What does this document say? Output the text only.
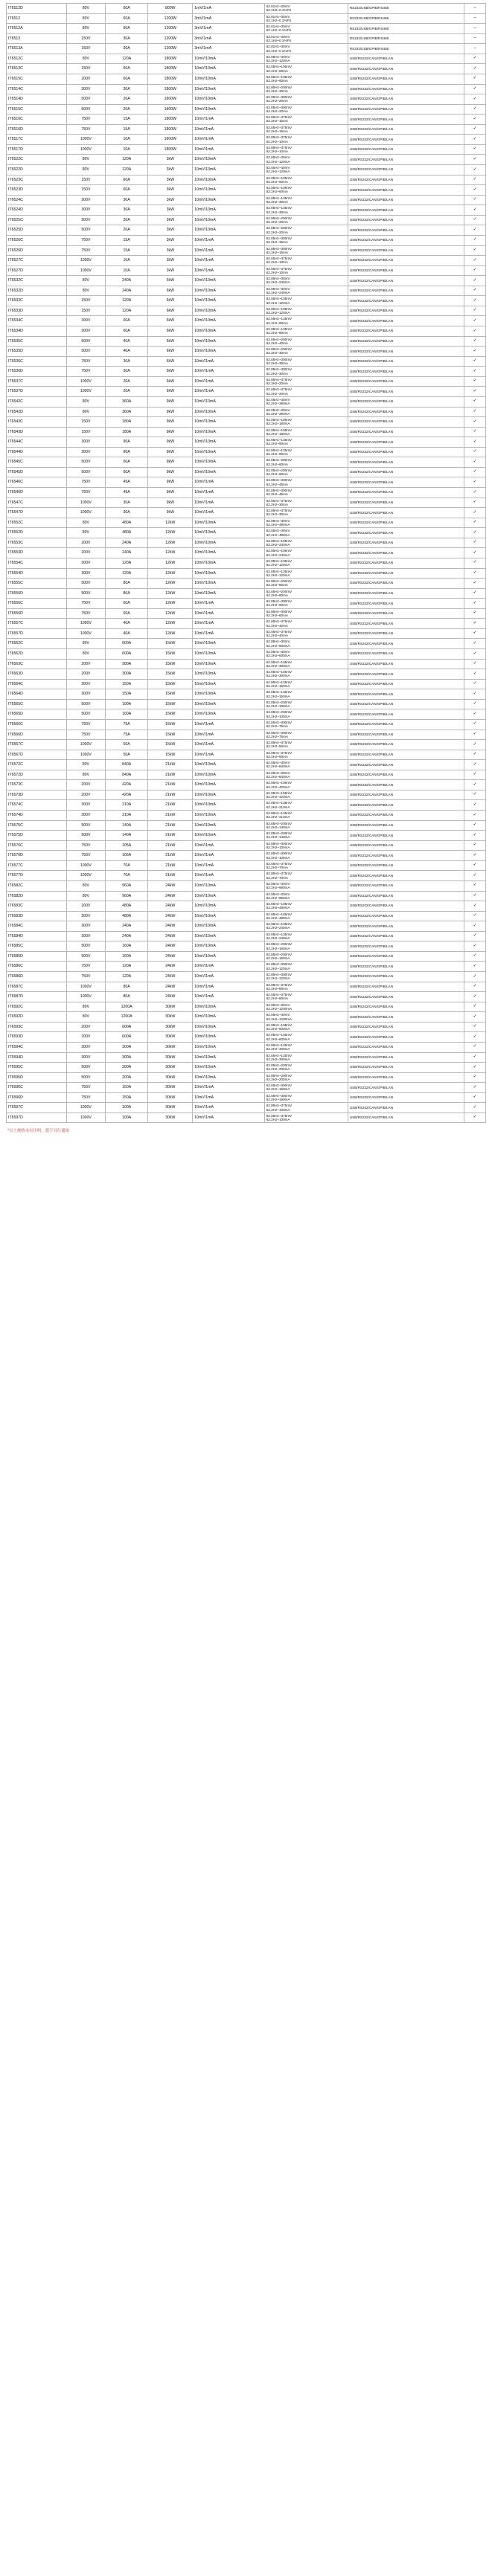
IT6512D	80V	60A	800W	1mV/1mA	62.01Hz~30mV
62.1Hz~0.1%FS	RS232/USB/GPIB/RS485	–
IT6512	80V	60A	1200W	3mV/1mA	62.01Hz~30mV
62.1Hz~0.1%FS	RS232/USB/GPIB/RS485	–
IT6512A	80V	60A	1200W	3mV/1mA	62.01Hz~30mV
62.1Hz~0.1%FS	RS232/USB/GPIB/RS485	–
IT6513	150V	30A	1200W	3mV/1mA	62.01Hz~30mV
62.1Hz~0.1%FS	RS232/USB/GPIB/RS485	–
IT6513A	150V	30A	1200W	3mV/1mA	62.01Hz~30mV
62.1Hz~0.1%FS	RS232/USB/GPIB/RS485	–
IT6512C	80V	120A	1800W	10mV/10mA	62.05Hz~30mV
62.2Hz~120mA	USB/RS232/CAN/GPIB/LAN	✓
IT6513C	150V	60A	1800W	10mV/10mA	62.05Hz~105mV
62.2Hz~60mA	USB/RS232/CAN/GPIB/LAN	✓
IT6515C	200V	60A	1800W	10mV/10mA	62.05Hz~135mV
62.2Hz~60mA	USB/RS232/CAN/GPIB/LAN	✓
IT6514C	300V	30A	1800W	10mV/10mA	62.05Hz~200mV
62.2Hz~30mA	USB/RS232/CAN/GPIB/LAN	✓
IT6514D	500V	20A	1800W	10mV/10mA	62.05Hz~300mV
62.2Hz~20mA	USB/RS232/CAN/GPIB/LAN	✓
IT6515C	500V	20A	1800W	10mV/10mA	62.05Hz~300mV
62.2Hz~20mA	USB/RS232/CAN/GPIB/LAN	✓
IT6516C	750V	15A	1800W	10mV/1mA	62.05Hz~375mV
62.2Hz~15mA	USB/RS232/CAN/GPIB/LAN	✓
IT6516D	750V	15A	1800W	10mV/1mA	62.05Hz~375mV
62.2Hz~15mA	USB/RS232/CAN/GPIB/LAN	✓
IT6517C	1000V	10A	1800W	10mV/1mA	62.05Hz~375mV
62.2Hz~10mA	USB/RS232/CAN/GPIB/LAN	✓
IT6517D	1000V	10A	1800W	10mV/1mA	62.05Hz~375mV
62.2Hz~10mA	USB/RS232/CAN/GPIB/LAN	✓
IT6522C	80V	120A	3kW	10mV/10mA	62.05Hz~30mV
62.2Hz~120mA	USB/RS232/CAN/GPIB/LAN	✓
IT6522D	80V	120A	3kW	10mV/10mA	62.05Hz~30mV
62.2Hz~120mA	USB/RS232/CAN/GPIB/LAN	✓
IT6523C	150V	60A	3kW	10mV/10mA	62.05Hz~105mV
62.2Hz~60mA	USB/RS232/CAN/GPIB/LAN	✓
IT6523D	150V	60A	3kW	10mV/10mA	62.05Hz~105mV
62.2Hz~60mA	USB/RS232/CAN/GPIB/LAN	✓
IT6524C	300V	30A	3kW	10mV/10mA	62.05Hz~135mV
62.2Hz~30mA	USB/RS232/CAN/GPIB/LAN	✓
IT6524D	300V	30A	3kW	10mV/10mA	62.05Hz~135mV
62.2Hz~30mA	USB/RS232/CAN/GPIB/LAN	✓
IT6525C	500V	20A	3kW	10mV/10mA	62.05Hz~200mV
62.2Hz~20mA	USB/RS232/CAN/GPIB/LAN	✓
IT6525D	500V	20A	3kW	10mV/10mA	62.05Hz~200mV
62.2Hz~20mA	USB/RS232/CAN/GPIB/LAN	✓
IT6526C	750V	15A	3kW	10mV/1mA	62.05Hz~300mV
62.2Hz~15mA	USB/RS232/CAN/GPIB/LAN	✓
IT6526D	750V	15A	3kW	10mV/1mA	62.05Hz~300mV
62.2Hz~15mA	USB/RS232/CAN/GPIB/LAN	✓
IT6527C	1000V	10A	3kW	10mV/1mA	62.05Hz~375mV
62.2Hz~10mA	USB/RS232/CAN/GPIB/LAN	✓
IT6527D	1000V	10A	3kW	10mV/1mA	62.05Hz~375mV
62.2Hz~10mA	USB/RS232/CAN/GPIB/LAN	✓
IT6532C	80V	240A	6kW	10mV/10mA	62.05Hz~30mV
62.2Hz~240mA	USB/RS232/CAN/GPIB/LAN	✓
IT6532D	80V	240A	6kW	10mV/10mA	62.05Hz~30mV
62.2Hz~240mA	USB/RS232/CAN/GPIB/LAN	✓
IT6533C	150V	120A	6kW	10mV/10mA	62.05Hz~105mV
62.2Hz~120mA	USB/RS232/CAN/GPIB/LAN	✓
IT6533D	150V	120A	6kW	10mV/10mA	62.05Hz~105mV
62.2Hz~120mA	USB/RS232/CAN/GPIB/LAN	✓
IT6534C	300V	60A	6kW	10mV/10mA	62.05Hz~135mV
62.2Hz~60mA	USB/RS232/CAN/GPIB/LAN	✓
IT6534D	300V	60A	6kW	10mV/10mA	62.05Hz~135mV
62.2Hz~60mA	USB/RS232/CAN/GPIB/LAN	✓
IT6535C	500V	40A	6kW	10mV/10mA	62.05Hz~200mV
62.2Hz~40mA	USB/RS232/CAN/GPIB/LAN	✓
IT6535D	500V	40A	6kW	10mV/10mA	62.05Hz~200mV
62.2Hz~40mA	USB/RS232/CAN/GPIB/LAN	✓
IT6536C	750V	30A	6kW	10mV/1mA	62.05Hz~300mV
62.2Hz~30mA	USB/RS232/CAN/GPIB/LAN	✓
IT6536D	750V	30A	6kW	10mV/1mA	62.05Hz~300mV
62.2Hz~30mA	USB/RS232/CAN/GPIB/LAN	✓
IT6537C	1000V	20A	6kW	10mV/1mA	62.05Hz~375mV
62.2Hz~20mA	USB/RS232/CAN/GPIB/LAN	✓
IT6537D	1000V	20A	6kW	10mV/1mA	62.05Hz~375mV
62.2Hz~20mA	USB/RS232/CAN/GPIB/LAN	✓
IT6542C	80V	360A	9kW	10mV/10mA	62.05Hz~30mV
62.2Hz~360mA	USB/RS232/CAN/GPIB/LAN	✓
IT6542D	80V	360A	9kW	10mV/10mA	62.05Hz~30mV
62.2Hz~360mA	USB/RS232/CAN/GPIB/LAN	✓
IT6543C	150V	180A	9kW	10mV/10mA	62.05Hz~105mV
62.2Hz~180mA	USB/RS232/CAN/GPIB/LAN	✓
IT6543D	150V	180A	9kW	10mV/10mA	62.05Hz~105mV
62.2Hz~180mA	USB/RS232/CAN/GPIB/LAN	✓
IT6544C	300V	90A	9kW	10mV/10mA	62.05Hz~135mV
62.2Hz~90mA	USB/RS232/CAN/GPIB/LAN	✓
IT6544D	300V	90A	9kW	10mV/10mA	62.05Hz~135mV
62.2Hz~90mA	USB/RS232/CAN/GPIB/LAN	✓
IT6545C	500V	60A	9kW	10mV/10mA	62.05Hz~200mV
62.2Hz~60mA	USB/RS232/CAN/GPIB/LAN	✓
IT6545D	500V	60A	9kW	10mV/10mA	62.05Hz~200mV
62.2Hz~60mA	USB/RS232/CAN/GPIB/LAN	✓
IT6546C	750V	45A	9kW	10mV/1mA	62.05Hz~300mV
62.2Hz~45mA	USB/RS232/CAN/GPIB/LAN	✓
IT6546D	750V	45A	9kW	10mV/1mA	62.05Hz~300mV
62.2Hz~45mA	USB/RS232/CAN/GPIB/LAN	✓
IT6547C	1000V	30A	9kW	10mV/1mA	62.05Hz~375mV
62.2Hz~30mA	USB/RS232/CAN/GPIB/LAN	✓
IT6547D	1000V	30A	9kW	10mV/1mA	62.05Hz~375mV
62.2Hz~30mA	USB/RS232/CAN/GPIB/LAN	✓
IT6552C	80V	480A	12kW	10mV/10mA	62.05Hz~30mV
62.2Hz~480mA	USB/RS232/CAN/GPIB/LAN	✓
IT6552D	80V	480A	12kW	10mV/10mA	62.05Hz~30mV
62.2Hz~480mA	USB/RS232/CAN/GPIB/LAN	✓
IT6553C	200V	240A	12kW	10mV/10mA	62.05Hz~105mV
62.2Hz~240mA	USB/RS232/CAN/GPIB/LAN	✓
IT6553D	200V	240A	12kW	10mV/10mA	62.05Hz~105mV
62.2Hz~240mA	USB/RS232/CAN/GPIB/LAN	✓
IT6554C	300V	120A	12kW	10mV/10mA	62.05Hz~135mV
62.2Hz~120mA	USB/RS232/CAN/GPIB/LAN	✓
IT6554D	300V	120A	12kW	10mV/10mA	62.05Hz~135mV
62.2Hz~120mA	USB/RS232/CAN/GPIB/LAN	✓
IT6555C	500V	80A	12kW	10mV/10mA	62.05Hz~200mV
62.2Hz~80mA	USB/RS232/CAN/GPIB/LAN	✓
IT6555D	500V	80A	12kW	10mV/10mA	62.05Hz~200mV
62.2Hz~80mA	USB/RS232/CAN/GPIB/LAN	✓
IT6556C	750V	60A	12kW	10mV/1mA	62.05Hz~300mV
62.2Hz~60mA	USB/RS232/CAN/GPIB/LAN	✓
IT6556D	750V	60A	12kW	10mV/1mA	62.05Hz~300mV
62.2Hz~60mA	USB/RS232/CAN/GPIB/LAN	✓
IT6557C	1000V	40A	12kW	10mV/1mA	62.05Hz~375mV
62.2Hz~40mA	USB/RS232/CAN/GPIB/LAN	✓
IT6557D	1000V	40A	12kW	10mV/1mA	62.05Hz~375mV
62.2Hz~40mA	USB/RS232/CAN/GPIB/LAN	✓
IT6562C	80V	600A	15kW	10mV/10mA	62.05Hz~30mV
62.2Hz~600mA	USB/RS232/CAN/GPIB/LAN	✓
IT6562D	80V	600A	15kW	10mV/10mA	62.05Hz~30mV
62.2Hz~600mA	USB/RS232/CAN/GPIB/LAN	✓
IT6563C	200V	300A	15kW	10mV/10mA	62.05Hz~105mV
62.2Hz~300mA	USB/RS232/CAN/GPIB/LAN	✓
IT6563D	200V	300A	15kW	10mV/10mA	62.05Hz~105mV
62.2Hz~300mA	USB/RS232/CAN/GPIB/LAN	✓
IT6564C	300V	150A	15kW	10mV/10mA	62.05Hz~135mV
62.2Hz~150mA	USB/RS232/CAN/GPIB/LAN	✓
IT6564D	300V	150A	15kW	10mV/10mA	62.05Hz~135mV
62.2Hz~150mA	USB/RS232/CAN/GPIB/LAN	✓
IT6565C	500V	100A	15kW	10mV/10mA	62.05Hz~200mV
62.2Hz~100mA	USB/RS232/CAN/GPIB/LAN	✓
IT6565D	500V	100A	15kW	10mV/10mA	62.05Hz~200mV
62.2Hz~100mA	USB/RS232/CAN/GPIB/LAN	✓
IT6566C	750V	75A	15kW	10mV/1mA	62.05Hz~300mV
62.2Hz~75mA	USB/RS232/CAN/GPIB/LAN	✓
IT6566D	750V	75A	15kW	10mV/1mA	62.05Hz~300mV
62.2Hz~75mA	USB/RS232/CAN/GPIB/LAN	✓
IT6567C	1000V	50A	15kW	10mV/1mA	62.05Hz~375mV
62.2Hz~50mA	USB/RS232/CAN/GPIB/LAN	✓
IT6567D	1000V	50A	15kW	10mV/1mA	62.05Hz~375mV
62.2Hz~50mA	USB/RS232/CAN/GPIB/LAN	✓
IT6572C	80V	840A	21kW	10mV/10mA	62.05Hz~30mV
62.2Hz~840mA	USB/RS232/CAN/GPIB/LAN	✓
IT6572D	80V	840A	21kW	10mV/10mA	62.05Hz~30mV
62.2Hz~840mA	USB/RS232/CAN/GPIB/LAN	✓
IT6573C	200V	420A	21kW	10mV/10mA	62.05Hz~105mV
62.2Hz~420mA	USB/RS232/CAN/GPIB/LAN	✓
IT6573D	200V	420A	21kW	10mV/10mA	62.05Hz~105mV
62.2Hz~420mA	USB/RS232/CAN/GPIB/LAN	✓
IT6574C	300V	210A	21kW	10mV/10mA	62.05Hz~135mV
62.2Hz~210mA	USB/RS232/CAN/GPIB/LAN	✓
IT6574D	300V	210A	21kW	10mV/10mA	62.05Hz~135mV
62.2Hz~210mA	USB/RS232/CAN/GPIB/LAN	✓
IT6575C	500V	140A	21kW	10mV/10mA	62.05Hz~200mV
62.2Hz~140mA	USB/RS232/CAN/GPIB/LAN	✓
IT6575D	500V	140A	21kW	10mV/10mA	62.05Hz~200mV
62.2Hz~140mA	USB/RS232/CAN/GPIB/LAN	✓
IT6576C	750V	105A	21kW	10mV/1mA	62.05Hz~300mV
62.2Hz~105mA	USB/RS232/CAN/GPIB/LAN	✓
IT6576D	750V	105A	21kW	10mV/1mA	62.05Hz~300mV
62.2Hz~105mA	USB/RS232/CAN/GPIB/LAN	✓
IT6577C	1000V	70A	21kW	10mV/1mA	62.05Hz~375mV
62.2Hz~70mA	USB/RS232/CAN/GPIB/LAN	✓
IT6577D	1000V	70A	21kW	10mV/1mA	62.05Hz~375mV
62.2Hz~70mA	USB/RS232/CAN/GPIB/LAN	✓
IT6582C	80V	960A	24kW	10mV/10mA	62.05Hz~30mV
62.2Hz~960mA	USB/RS232/CAN/GPIB/LAN	✓
IT6582D	80V	960A	24kW	10mV/10mA	62.05Hz~30mV
62.2Hz~960mA	USB/RS232/CAN/GPIB/LAN	✓
IT6583C	200V	480A	24kW	10mV/10mA	62.05Hz~105mV
62.2Hz~480mA	USB/RS232/CAN/GPIB/LAN	✓
IT6583D	200V	480A	24kW	10mV/10mA	62.05Hz~105mV
62.2Hz~480mA	USB/RS232/CAN/GPIB/LAN	✓
IT6584C	300V	240A	24kW	10mV/10mA	62.05Hz~135mV
62.2Hz~240mA	USB/RS232/CAN/GPIB/LAN	✓
IT6584D	300V	240A	24kW	10mV/10mA	62.05Hz~135mV
62.2Hz~240mA	USB/RS232/CAN/GPIB/LAN	✓
IT6585C	500V	160A	24kW	10mV/10mA	62.05Hz~200mV
62.2Hz~160mA	USB/RS232/CAN/GPIB/LAN	✓
IT6585D	500V	160A	24kW	10mV/10mA	62.05Hz~200mV
62.2Hz~160mA	USB/RS232/CAN/GPIB/LAN	✓
IT6586C	750V	120A	24kW	10mV/1mA	62.05Hz~300mV
62.2Hz~120mA	USB/RS232/CAN/GPIB/LAN	✓
IT6586D	750V	120A	24kW	10mV/1mA	62.05Hz~300mV
62.2Hz~120mA	USB/RS232/CAN/GPIB/LAN	✓
IT6587C	1000V	80A	24kW	10mV/1mA	62.05Hz~375mV
62.2Hz~80mA	USB/RS232/CAN/GPIB/LAN	✓
IT6587D	1000V	80A	24kW	10mV/1mA	62.05Hz~375mV
62.2Hz~80mA	USB/RS232/CAN/GPIB/LAN	✓
IT6592C	80V	1200A	30kW	10mV/10mA	62.05Hz~30mV
62.2Hz~1200mA	USB/RS232/CAN/GPIB/LAN	✓
IT6592D	80V	1200A	30kW	10mV/10mA	62.05Hz~30mV
62.2Hz~1200mA	USB/RS232/CAN/GPIB/LAN	✓
IT6593C	200V	600A	30kW	10mV/10mA	62.05Hz~105mV
62.2Hz~600mA	USB/RS232/CAN/GPIB/LAN	✓
IT6593D	200V	600A	30kW	10mV/10mA	62.05Hz~105mV
62.2Hz~600mA	USB/RS232/CAN/GPIB/LAN	✓
IT6594C	300V	300A	30kW	10mV/10mA	62.05Hz~135mV
62.2Hz~300mA	USB/RS232/CAN/GPIB/LAN	✓
IT6594D	300V	300A	30kW	10mV/10mA	62.05Hz~135mV
62.2Hz~300mA	USB/RS232/CAN/GPIB/LAN	✓
IT6595C	500V	200A	30kW	10mV/10mA	62.05Hz~200mV
62.2Hz~200mA	USB/RS232/CAN/GPIB/LAN	✓
IT6595D	500V	200A	30kW	10mV/10mA	62.05Hz~200mV
62.2Hz~200mA	USB/RS232/CAN/GPIB/LAN	✓
IT6596C	750V	150A	30kW	10mV/1mA	62.05Hz~300mV
62.2Hz~150mA	USB/RS232/CAN/GPIB/LAN	✓
IT6596D	750V	150A	30kW	10mV/1mA	62.05Hz~300mV
62.2Hz~150mA	USB/RS232/CAN/GPIB/LAN	✓
IT6597C	1000V	100A	30kW	10mV/1mA	62.05Hz~375mV
62.2Hz~100mA	USB/RS232/CAN/GPIB/LAN	✓
IT6597D	1000V	100A	30kW	10mV/1mA	62.05Hz~375mV
62.2Hz~100mA	USB/RS232/CAN/GPIB/LAN	✓
*以上规格未有注明，恕不另行通知
